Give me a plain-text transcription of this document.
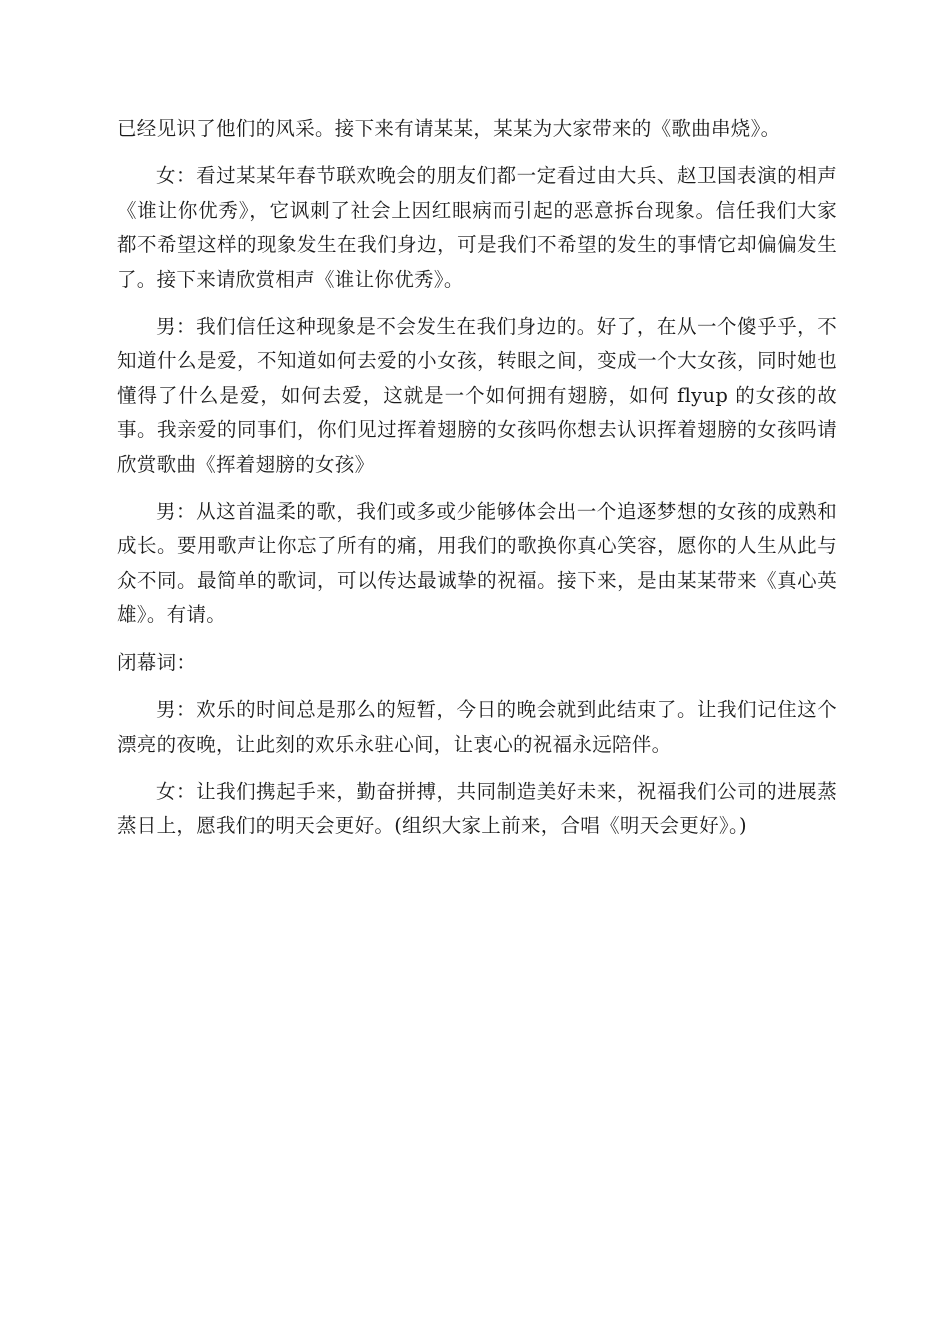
已经见识了他们的风采。接下来有请某某，某某为大家带来的《歌曲串烧》。

女：看过某某年春节联欢晚会的朋友们都一定看过由大兵、赵卫国表演的相声《谁让你优秀》，它讽刺了社会上因红眼病而引起的恶意拆台现象。信任我们大家都不希望这样的现象发生在我们身边，可是我们不希望的发生的事情它却偏偏发生了。接下来请欣赏相声《谁让你优秀》。

男：我们信任这种现象是不会发生在我们身边的。好了，在从一个傻乎乎，不知道什么是爱，不知道如何去爱的小女孩，转眼之间，变成一个大女孩，同时她也懂得了什么是爱，如何去爱，这就是一个如何拥有翅膀，如何 flyup 的女孩的故事。我亲爱的同事们，你们见过挥着翅膀的女孩吗你想去认识挥着翅膀的女孩吗请欣赏歌曲《挥着翅膀的女孩》

男：从这首温柔的歌，我们或多或少能够体会出一个追逐梦想的女孩的成熟和成长。要用歌声让你忘了所有的痛，用我们的歌换你真心笑容，愿你的人生从此与众不同。最简单的歌词，可以传达最诚挚的祝福。接下来，是由某某带来《真心英雄》。有请。

闭幕词：

男：欢乐的时间总是那么的短暂，今日的晚会就到此结束了。让我们记住这个漂亮的夜晚，让此刻的欢乐永驻心间，让衷心的祝福永远陪伴。

女：让我们携起手来，勤奋拼搏，共同制造美好未来，祝福我们公司的进展蒸蒸日上，愿我们的明天会更好。(组织大家上前来，合唱《明天会更好》。)
